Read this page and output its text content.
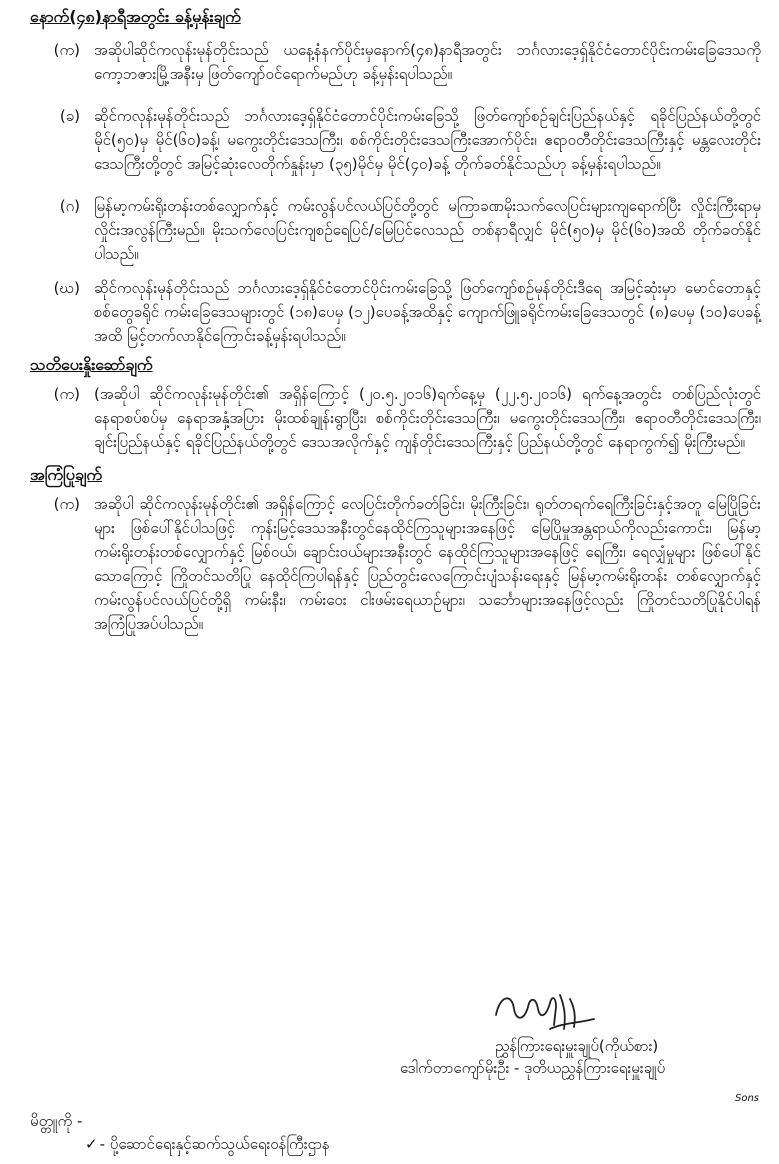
နောက်(၄၈)နာရီအတွင်း ခန့်မှန်းချက်

(က) အဆိုပါဆိုင်ကလုန်းမုန်တိုင်းသည် ယနေ့နံနက်ပိုင်းမှနောက်(၄၈)နာရီအတွင်း ဘင်္ဂလားဒေ့ရှ်နိုင်ငံတောင်ပိုင်းကမ်းခြေဒေသကို ကော့ဘဇားမြို့အနီးမှ ဖြတ်ကျော်ဝင်ရောက်မည်ဟု ခန့်မှန်းရပါသည်။
(ခ) ဆိုင်ကလုန်းမုန်တိုင်းသည် ဘင်္ဂလားဒေ့ရှ်နိုင်ငံတောင်ပိုင်းကမ်းခြေသို့ ဖြတ်ကျော်စဉ်ချင်းပြည်နယ်နှင့် ရခိုင်ပြည်နယ်တို့တွင် မိုင်(၅၀)မှ မိုင်(၆၀)ခန့်၊ မကွေးတိုင်းဒေသကြီး၊ စစ်ကိုင်းတိုင်းဒေသကြီးအောက်ပိုင်း၊ ဧရာဝတီတိုင်းဒေသကြီးနှင့် မန္တလေးတိုင်းဒေသကြီးတို့တွင် အမြင့်ဆုံးလေတိုက်နှုန်းမှာ (၃၅)မိုင်မှ မိုင်(၄၀)ခန့် တိုက်ခတ်နိုင်သည်ဟု ခန့်မှန်းရပါသည်။
(ဂ) မြန်မာ့ကမ်းရိုးတန်းတစ်လျှောက်နှင့် ကမ်းလွန်ပင်လယ်ပြင်တို့တွင် မကြာခဏမိုးသက်လေပြင်းများကျရောက်ပြီး လှိုင်းကြီးရာမှ လှိုင်းအလွန်ကြီးမည်။ မိုးသက်လေပြင်းကျစဉ်ရေပြင်/မြေပြင်လေသည် တစ်နာရီလျှင် မိုင်(၅၀)မှ မိုင်(၆၀)အထိ တိုက်ခတ်နိုင်ပါသည်။
(ဃ) ဆိုင်ကလုန်းမုန်တိုင်းသည် ဘင်္ဂလားဒေ့ရှ်နိုင်ငံတောင်ပိုင်းကမ်းခြေသို့ ဖြတ်ကျော်စဉ်မုန်တိုင်းဒီရေ အမြင့်ဆုံးမှာ မောင်တောနှင့် စစ်တွေခရိုင် ကမ်းခြေဒေသများတွင် (၁၈)ပေမှ (၁၂)ပေခန့်အထိနှင့် ကျောက်ဖြူခရိုင်ကမ်းခြေဒေသတွင် (၈)ပေမှ (၁၀)ပေခန့်အထိ မြင့်တက်လာနိုင်ကြောင်းခန့်မှန်းရပါသည်။

သတိပေးနှိုးဆော်ချက်

(က) (အဆိုပါ ဆိုင်ကလုန်းမုန်တိုင်း၏ အရှိန်ကြောင့် (၂၀.၅.၂၀၁၆)ရက်နေ့မှ (၂၂.၅.၂၀၁၆) ရက်နေ့အတွင်း တစ်ပြည်လုံးတွင် နေရာစပ်စပ်မှ နေရာအနှံ့အပြား မိုးထစ်ချုန်းရွာပြီး၊ စစ်ကိုင်းတိုင်းဒေသကြီး၊ မကွေးတိုင်းဒေသကြီး၊ ဧရာဝတီတိုင်းဒေသကြီး၊ ချင်းပြည်နယ်နှင့် ရခိုင်ပြည်နယ်တို့တွင် ဒေသအလိုက်နှင့် ကျန်တိုင်းဒေသကြီးနှင့် ပြည်နယ်တို့တွင် နေရာကွက်၍ မိုးကြီးမည်။

အကြံပြုချက်

(က) အဆိုပါ ဆိုင်ကလုန်းမုန်တိုင်း၏ အရှိန်ကြောင့် လေပြင်းတိုက်ခတ်ခြင်း၊ မိုးကြီးခြင်း၊ ရုတ်တရက်ရေကြီးခြင်းနှင့်အတူ မြေပြိုခြင်းများ ဖြစ်ပေါ်နိုင်ပါသဖြင့် ကုန်းမြင့်ဒေသအနီးတွင်နေထိုင်ကြသူများအနေဖြင့် မြေပြိုမှုအန္တရာယ်ကိုလည်းကောင်း၊ မြန်မာ့ကမ်းရိုးတန်းတစ်လျှောက်နှင့် မြစ်ဝယ်၊ ချောင်းဝယ်များအနီးတွင် နေထိုင်ကြသူများအနေဖြင့် ရေကြီး၊ ရေလျှံမှုများ ဖြစ်ပေါ်နိုင်သောကြောင့် ကြိုတင်သတိပြု နေထိုင်ကြပါရန်နှင့် ပြည်တွင်းလေကြောင်းပျံသန်းရေးနှင့် မြန်မာ့ကမ်းရိုးတန်း တစ်လျှောက်နှင့် ကမ်းလွန်ပင်လယ်ပြင်တို့ရှိ ကမ်းနီး၊ ကမ်းဝေး ငါးဖမ်းရေယာဉ်များ၊ သင်္ဘောများအနေဖြင့်လည်း ကြိုတင်သတိပြုနိုင်ပါရန် အကြံပြုအပ်ပါသည်။
ညွှန်ကြားရေးမှူးချုပ်(ကိုယ်စား)
ဒေါက်တာကျော်မိုးဦး - ဒုတိယညွှန်ကြားရေးမှူးချုပ်
Sons
မိတ္တူကို -
✓ - ပို့ဆောင်ရေးနှင့်ဆက်သွယ်ရေးဝန်ကြီးဌာန
